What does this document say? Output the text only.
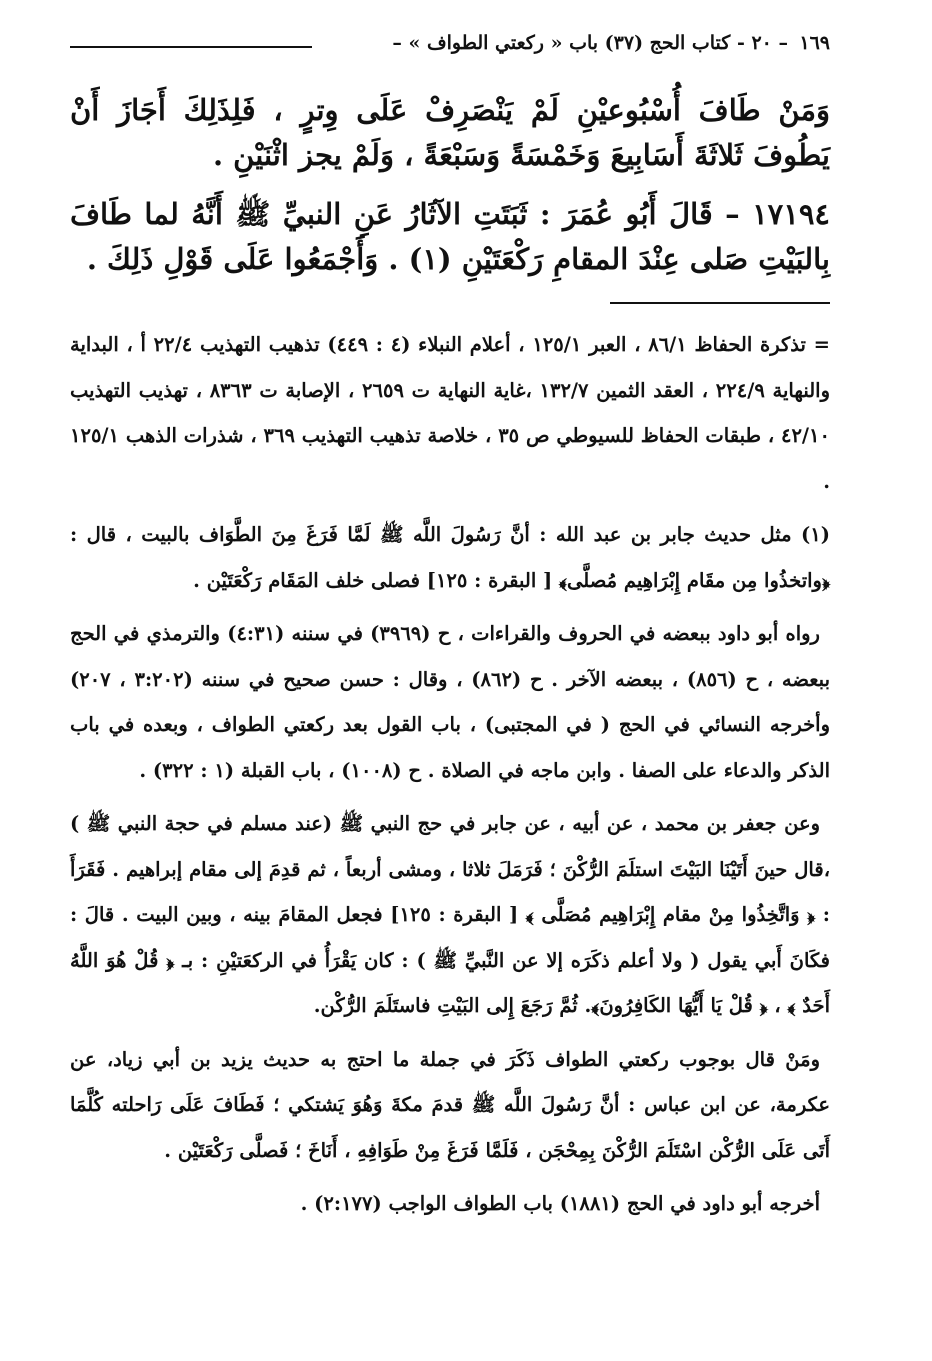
١٦٩
– ٢٠ - كتاب الحج (٣٧) باب « ركعتي الطواف » –

وَمَنْ طَافَ أُسْبُوعيْنِ لَمْ يَنْصَرِفْ عَلَى وِترٍ ، فَلِذَلِكَ أَجَازَ أَنْ يَطُوفَ ثَلاثَةَ أَسَابِيعَ وَخَمْسَةً وَسَبْعَةً ، وَلَمْ يجز اثْنَيْنِ .

١٧١٩٤ – قَالَ أَبُو عُمَرَ : ثَبَتَتِ الآثَارُ عَنِ النبيِّ ﷺ أَنَّهُ لما طَافَ بِالبَيْتِ صَلى عِنْدَ المقامِ رَكْعَتَيْنِ (١) . وَأَجْمَعُوا عَلَى قَوْلِ ذَلِكَ .

= تذكرة الحفاظ ٨٦/١ ، العبر ١٢٥/١ ، أعلام النبلاء (٤ : ٤٤٩) تذهيب التهذيب ٢٢/٤ أ ، البداية والنهاية ٢٢٤/٩ ، العقد الثمين ١٣٢/٧ ،غاية النهاية ت ٢٦٥٩ ، الإصابة ت ٨٣٦٣ ، تهذيب التهذيب ٤٢/١٠ ، طبقات الحفاظ للسيوطي ص ٣٥ ، خلاصة تذهيب التهذيب ٣٦٩ ، شذرات الذهب ١٢٥/١ .

(١) مثل حديث جابر بن عبد الله : أنَّ رَسُولَ اللَّه ﷺ لَمَّا فَرَغَ مِنَ الطَّوَاف بالبيت ، قال : ﴿واتخذُوا مِن مقَام إِبْرَاهِيم مُصلَّى﴾ [ البقرة : ١٢٥] فصلى خلف المَقَام رَكْعَتَيْن .

رواه أبو داود ببعضه في الحروف والقراءات ، ح (٣٩٦٩) في سننه (٤:٣١) والترمذي في الحج ببعضه ، ح (٨٥٦) ، ببعضه الآخر . ح (٨٦٢) ، وقال : حسن صحيح في سننه (٣:٢٠٢ ، ٢٠٧) وأخرجه النسائي في الحج ( في المجتبى) ، باب القول بعد ركعتي الطواف ، وبعده في باب الذكر والدعاء على الصفا . وابن ماجه في الصلاة . ح (١٠٠٨) ، باب القبلة (١ : ٣٢٢) .

وعن جعفر بن محمد ، عن أبيه ، عن جابر في حج النبي ﷺ (عند مسلم في حجة النبي ﷺ ) ،قال حينَ أَتَيْنَا البَيْتَ استلَمَ الرُّكْنَ ؛ فَرَمَلَ ثلاثا ، ومشى أربعاً ، ثم قدِمَ إلى مقام إبراهيم . فَقَرَأَ : ﴿ وَاتَّخِذُوا مِنْ مقام إِبْرَاهِيم مُصَلَّى ﴾ [ البقرة : ١٢٥] فجعل المقامَ بينه ، وبين البيت . قالَ : فكَانَ أَبي يقول ( ولا أعلم ذكَرَه إلا عن النَّبيِّ ﷺ ) : كان يَقْرَأُ في الركعَتيْنِ : بـ ﴿ قُلْ هُوَ اللَّهُ أَحَدٌ ﴾ ، ﴿ قُلْ يَا أَيُّهَا الكَافِرُونَ﴾. ثُمَّ رَجَعَ إِلى البَيْتِ فاستَلَمَ الرُّكْن.

ومَنْ قال بوجوب ركعتي الطواف ذَكَرَ في جملة ما احتج به حديث يزيد بن أبي زياد، عن عكرمة، عن ابن عباس : أنَّ رَسُولَ اللَّه ﷺ قدمَ مكةَ وَهُوَ يَشتكي ؛ فَطَافَ عَلَى رَاحلته كُلَّمَا أَتَى عَلَى الرُّكْن اسْتَلَمَ الرُّكْنَ بِمِحْجَن ، فَلَمَّا فَرَغَ مِنْ طَوَافِهِ ، أَنَاخَ ؛ فَصلَّى رَكْعَتَيْن .

أخرجه أبو داود في الحج (١٨٨١) باب الطواف الواجب (٢:١٧٧) .
